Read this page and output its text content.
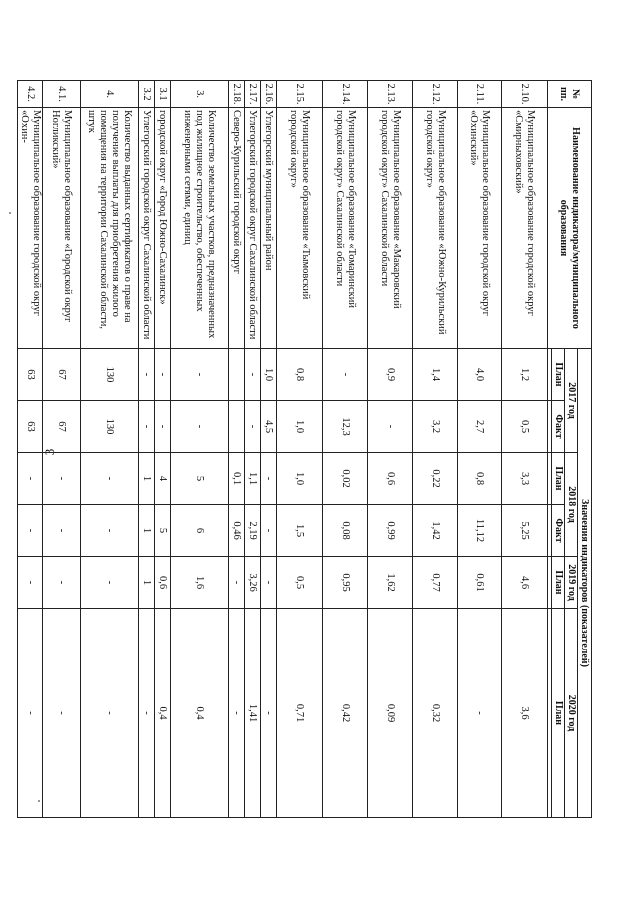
3
№ пп.	Наименование индикатора/муниципального образования	Значения индикаторов (показателей)					
		2017 год		2018 год		2019 год	2020 год
		План	Факт	План	Факт	План	План

2.10.	Муниципальное образование городской округ «Смирныховский»	1,2	0,5	3,3	5,25	4,6	3,6
2.11.	Муниципальное образование городской округ «Охинский»	4,0	2,7	0,8	11,12	0,61	-
2.12.	Муниципальное образование «Южно-Курильский городской округ»	1,4	3,2	0,22	1,42	0,77	0,32
2.13.	Муниципальное образование «Макаровский городской округ» Сахалинской области	0,9	-	0,6	0,99	1,62	0,09
2.14.	Муниципальное образование «Томаринский городской округ» Сахалинской области	-	12,3	0,02	0,08	0,95	0,42
2.15.	Муниципальное образование «Тымовский городской округ»	0,8	1,0	1,0	1,5	0,5	0,71
2.16.	Углегорский муниципальный район	1,0	4,5	-	-	-	-
2.17.	Углегорский городской округ Сахалинской области	-	-	1,1	2,19	3,26	1,41
2.18.	Северо-Курильский городской округ			0,1	0,46	-	-
3.	Количество земельных участков, предназначенных под жилищное строительство, обеспеченных инженерными сетями, единиц	-	-	5	6	1,6	0,4
3.1	городской округ «Город Южно-Сахалинск»	-	-	4	5	0,6	0,4
3.2	Углегорский городской округ Сахалинской области	-	-	1	1	1	-
4.	Количество выданных сертификатов о праве на получение выплаты для приобретения жилого помещения на территории Сахалинской области, штук	130	130	-	-	-	-
4.1.	Муниципальное образование «Городской округ Ногликский»	67	67	-	-	-	-
4.2.	Муниципальное образование городской округ «Охин-	63	63	-	-	-	-
